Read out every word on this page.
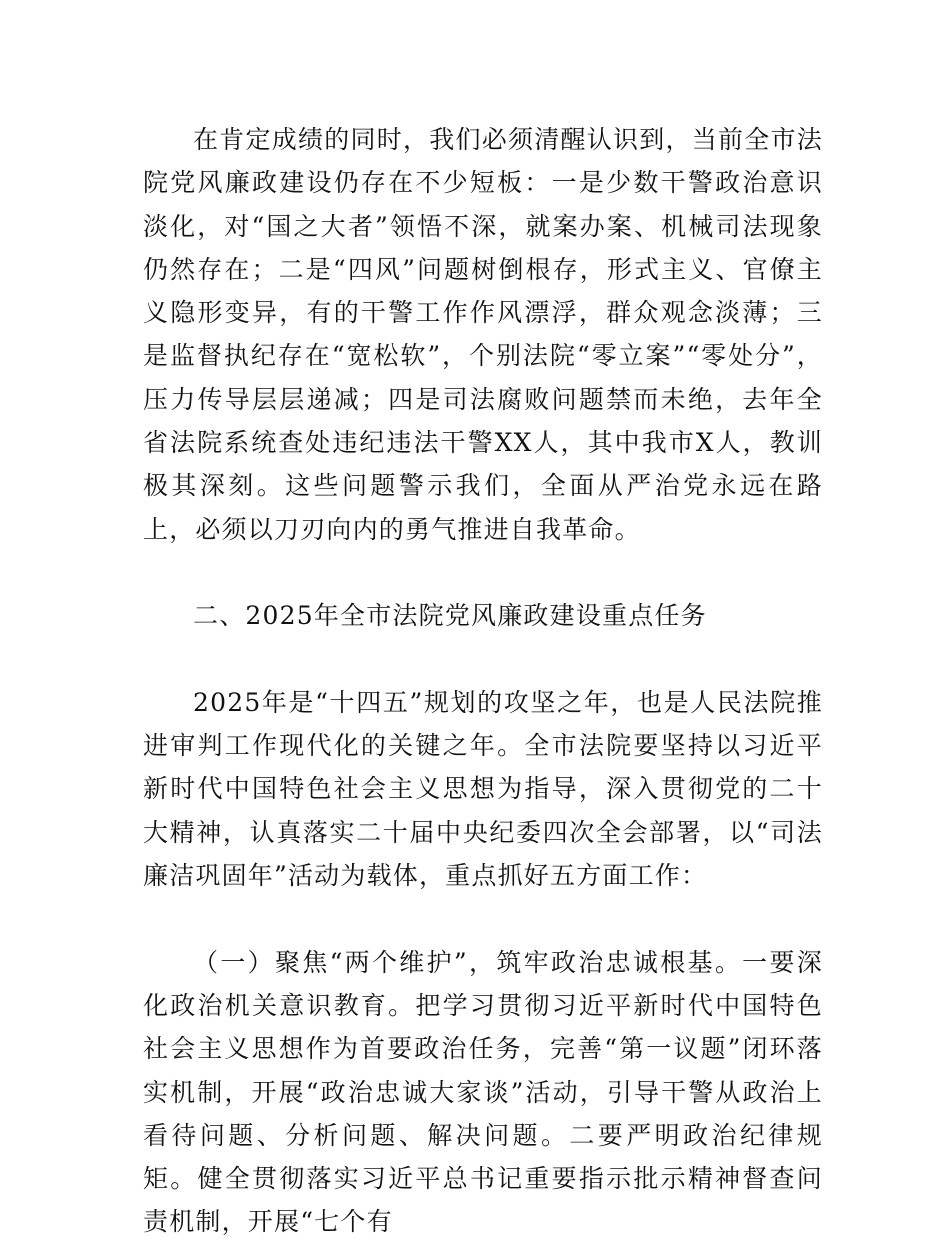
在肯定成绩的同时，我们必须清醒认识到，当前全市法院党风廉政建设仍存在不少短板：一是少数干警政治意识淡化，对“国之大者”领悟不深，就案办案、机械司法现象仍然存在；二是“四风”问题树倒根存，形式主义、官僚主义隐形变异，有的干警工作作风漂浮，群众观念淡薄；三是监督执纪存在“宽松软”，个别法院“零立案”“零处分”，压力传导层层递减；四是司法腐败问题禁而未绝，去年全省法院系统查处违纪违法干警XX人，其中我市X人，教训极其深刻。这些问题警示我们，全面从严治党永远在路上，必须以刀刃向内的勇气推进自我革命。

二、2025年全市法院党风廉政建设重点任务

2025年是“十四五”规划的攻坚之年，也是人民法院推进审判工作现代化的关键之年。全市法院要坚持以习近平新时代中国特色社会主义思想为指导，深入贯彻党的二十大精神，认真落实二十届中央纪委四次全会部署，以“司法廉洁巩固年”活动为载体，重点抓好五方面工作：

（一）聚焦“两个维护”，筑牢政治忠诚根基。一要深化政治机关意识教育。把学习贯彻习近平新时代中国特色社会主义思想作为首要政治任务，完善“第一议题”闭环落实机制，开展“政治忠诚大家谈”活动，引导干警从政治上看待问题、分析问题、解决问题。二要严明政治纪律规矩。健全贯彻落实习近平总书记重要指示批示精神督查问责机制，开展“七个有
